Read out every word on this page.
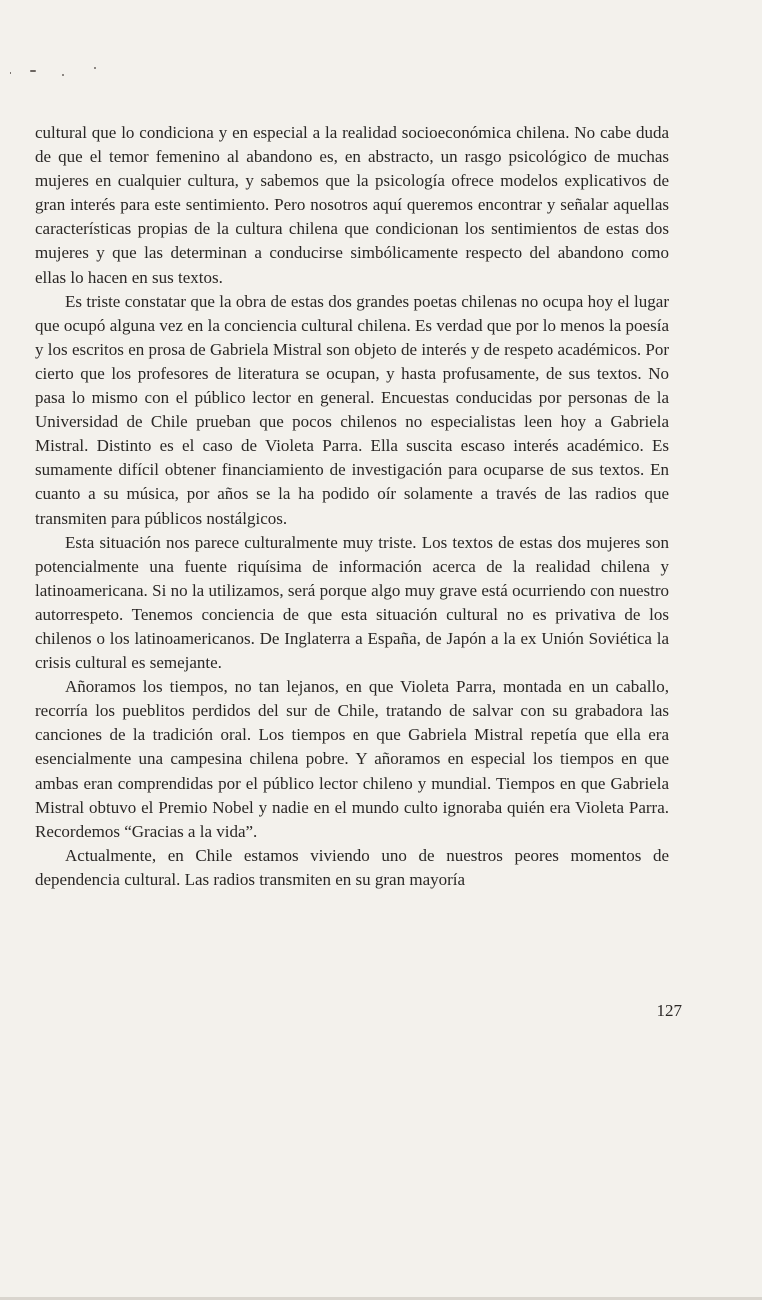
cultural que lo condiciona y en especial a la realidad socioeconómica chilena. No cabe duda de que el temor femenino al abandono es, en abstracto, un rasgo psicológico de muchas mujeres en cualquier cultura, y sabemos que la psicología ofrece modelos explicativos de gran interés para este sentimiento. Pero nosotros aquí queremos encontrar y señalar aquellas características propias de la cultura chilena que condicionan los sentimientos de estas dos mujeres y que las determinan a conducirse simbólicamente respecto del abandono como ellas lo hacen en sus textos.

Es triste constatar que la obra de estas dos grandes poetas chilenas no ocupa hoy el lugar que ocupó alguna vez en la conciencia cultural chilena. Es verdad que por lo menos la poesía y los escritos en prosa de Gabriela Mistral son objeto de interés y de respeto académicos. Por cierto que los profesores de literatura se ocupan, y hasta profusamente, de sus textos. No pasa lo mismo con el público lector en general. Encuestas conducidas por personas de la Universidad de Chile prueban que pocos chilenos no especialistas leen hoy a Gabriela Mistral. Distinto es el caso de Violeta Parra. Ella suscita escaso interés académico. Es sumamente difícil obtener financiamiento de investigación para ocuparse de sus textos. En cuanto a su música, por años se la ha podido oír solamente a través de las radios que transmiten para públicos nostálgicos.

Esta situación nos parece culturalmente muy triste. Los textos de estas dos mujeres son potencialmente una fuente riquísima de información acerca de la realidad chilena y latinoamericana. Si no la utilizamos, será porque algo muy grave está ocurriendo con nuestro autorrespeto. Tenemos conciencia de que esta situación cultural no es privativa de los chilenos o los latinoamericanos. De Inglaterra a España, de Japón a la ex Unión Soviética la crisis cultural es semejante.

Añoramos los tiempos, no tan lejanos, en que Violeta Parra, montada en un caballo, recorría los pueblitos perdidos del sur de Chile, tratando de salvar con su grabadora las canciones de la tradición oral. Los tiempos en que Gabriela Mistral repetía que ella era esencialmente una campesina chilena pobre. Y añoramos en especial los tiempos en que ambas eran comprendidas por el público lector chileno y mundial. Tiempos en que Gabriela Mistral obtuvo el Premio Nobel y nadie en el mundo culto ignoraba quién era Violeta Parra. Recordemos “Gracias a la vida”.

Actualmente, en Chile estamos viviendo uno de nuestros peores momentos de dependencia cultural. Las radios transmiten en su gran mayoría

127
